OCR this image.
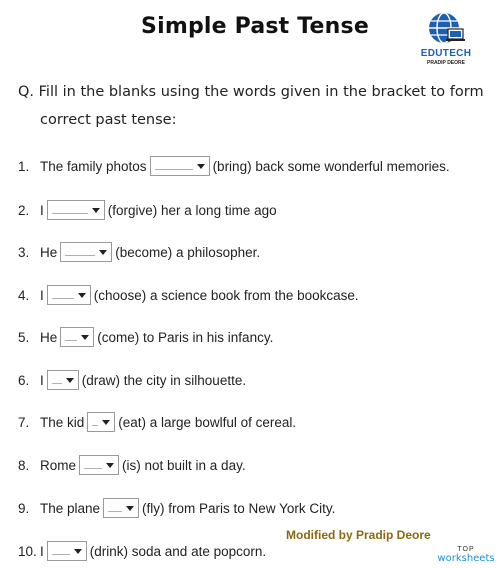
Simple Past Tense
EDUTECH
PRADIP DEORE
Q. Fill in the blanks using the words given in the bracket to form
correct past tense:
1. The family photos	(bring) back some wonderful memories.
2. I	(forgive) her a long time ago
3. He	(become) a philosopher.
4. I	(choose) a science book from the bookcase.
5. He	(come) to Paris in his infancy.
6. I	(draw) the city in silhouette.
7. The kid	(eat) a large bowlful of cereal.
8. Rome	(is) not built in a day.
9. The plane	(fly) from Paris to New York City.
10. I	(drink) soda and ate popcorn.
Modified by Pradip Deore
TOP
worksheets
